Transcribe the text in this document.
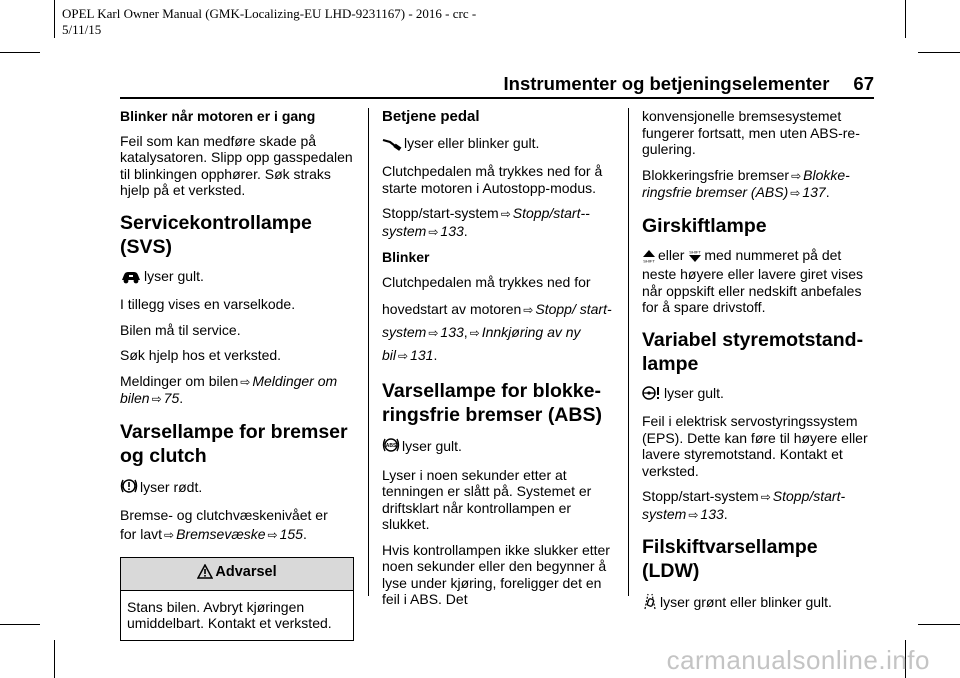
OPEL Karl Owner Manual (GMK-Localizing-EU LHD-9231167) - 2016 - crc -
5/11/15
Instrumenter og betjeningselementer 67

Blinker når motoren er i gang

Feil som kan medføre skade på katalysatoren. Slipp opp gasspedalen til blinkingen opphører. Søk straks hjelp på et verksted.

Servicekontrollampe (SVS)

lyser gult.

I tillegg vises en varselkode.

Bilen må til service.

Søk hjelp hos et verksted.

Meldinger om bilen ⇨ Meldinger om bilen ⇨ 75.

Varsellampe for bremser og clutch

lyser rødt.

Bremse- og clutchvæskenivået er

for lavt ⇨ Bremsevæske ⇨ 155.

Advarsel
Stans bilen. Avbryt kjøringen umiddelbart. Kontakt et verksted.
Betjene pedal

lyser eller blinker gult.

Clutchpedalen må trykkes ned for å starte motoren i Autostopp-modus.

Stopp/start-system ⇨ Stopp/start-- system ⇨ 133.

Blinker

Clutchpedalen må trykkes ned for

hovedstart av motoren ⇨ Stopp/ start-system ⇨ 133, ⇨ Innkjøring av ny bil ⇨ 131.

Varsellampe for blokkeringsfrie bremser (ABS)

ABS lyser gult.

Lyser i noen sekunder etter at tenningen er slått på. Systemet er driftsklart når kontrollampen er slukket.

Hvis kontrollampen ikke slukker etter noen sekunder eller den begynner å lyse under kjøring, foreligger det en feil i ABS. Det

konvensjonelle bremsesystemet fungerer fortsatt, men uten ABS-regulering.

Blokkeringsfrie bremser ⇨ Blokkeringsfrie bremser (ABS) ⇨ 137.

Girskiftlampe

SHIFT eller SHIFT med nummeret på det neste høyere eller lavere giret vises når oppskift eller nedskift anbefales for å spare drivstoff.

Variabel styremotstandlampe

lyser gult.

Feil i elektrisk servostyringssystem (EPS). Dette kan føre til høyere eller lavere styremotstand. Kontakt et verksted.

Stopp/start-system ⇨ Stopp/start- system ⇨ 133.

Filskiftvarsellampe (LDW)

lyser grønt eller blinker gult.

carmanualsonline.info
